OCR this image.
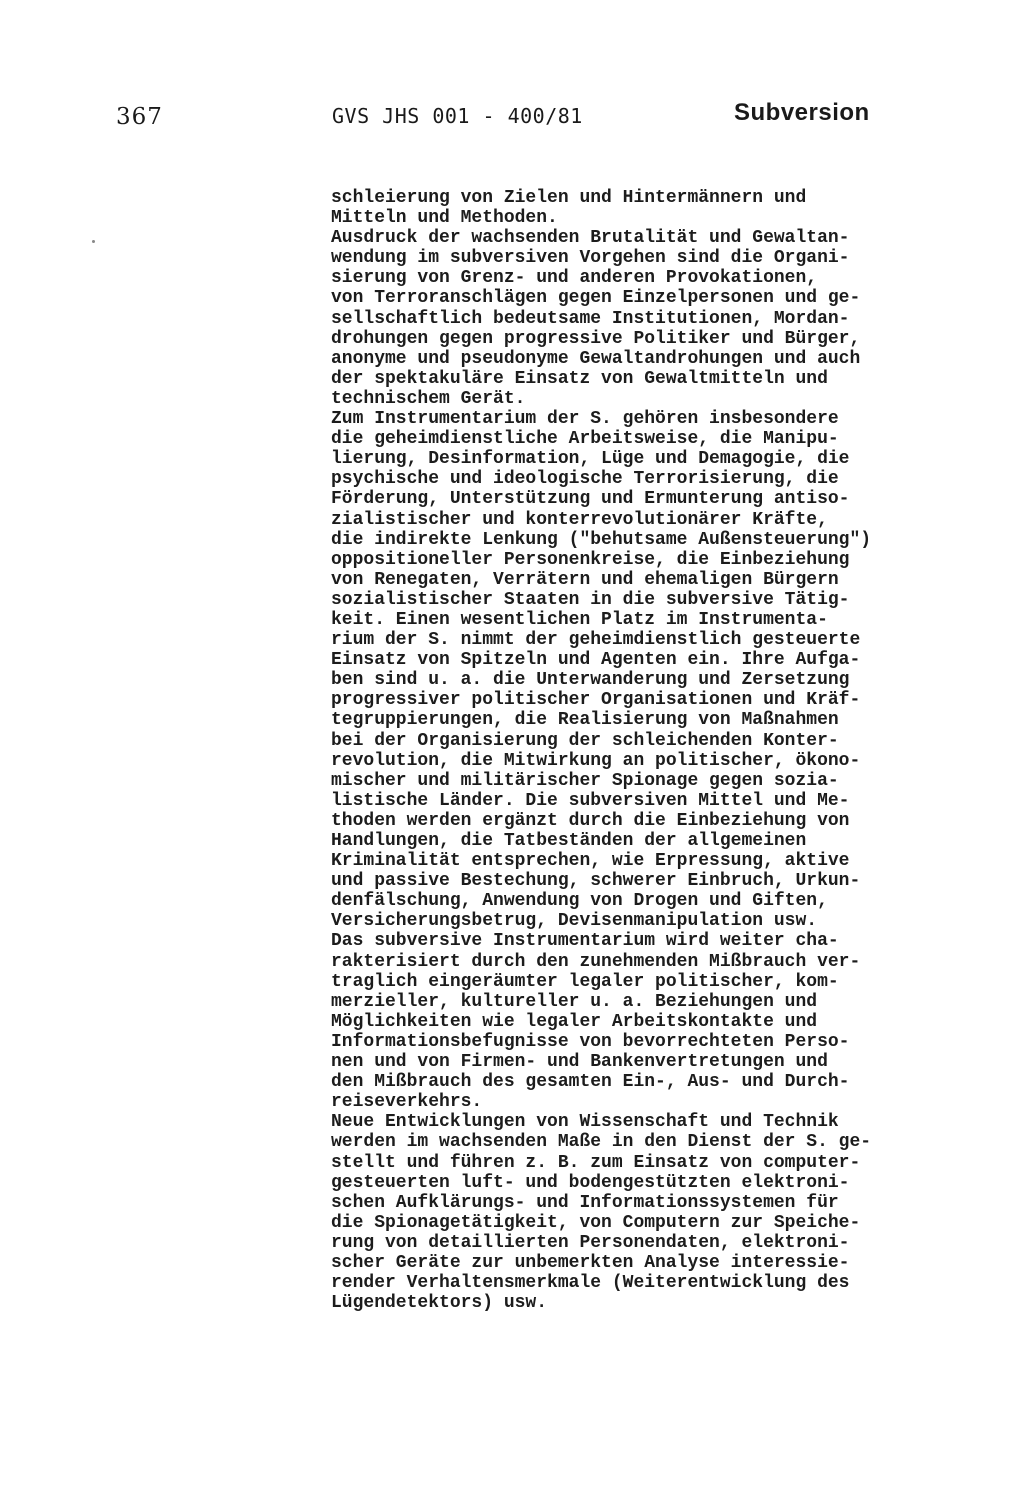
367	GVS JHS 001 - 400/81	Subversion
schleierung von Zielen und Hintermännern und
Mitteln und Methoden.
Ausdruck der wachsenden Brutalität und Gewaltan-
wendung im subversiven Vorgehen sind die Organi-
sierung von Grenz- und anderen Provokationen,
von Terroranschlägen gegen Einzelpersonen und ge-
sellschaftlich bedeutsame Institutionen, Mordan-
drohungen gegen progressive Politiker und Bürger,
anonyme und pseudonyme Gewaltandrohungen und auch
der spektakuläre Einsatz von Gewaltmitteln und
technischem Gerät.
Zum Instrumentarium der S. gehören insbesondere
die geheimdienstliche Arbeitsweise, die Manipu-
lierung, Desinformation, Lüge und Demagogie, die
psychische und ideologische Terrorisierung, die
Förderung, Unterstützung und Ermunterung antiso-
zialistischer und konterrevolutionärer Kräfte,
die indirekte Lenkung ("behutsame Außensteuerung")
oppositioneller Personenkreise, die Einbeziehung
von Renegaten, Verrätern und ehemaligen Bürgern
sozialistischer Staaten in die subversive Tätig-
keit. Einen wesentlichen Platz im Instrumenta-
rium der S. nimmt der geheimdienstlich gesteuerte
Einsatz von Spitzeln und Agenten ein. Ihre Aufga-
ben sind u. a. die Unterwanderung und Zersetzung
progressiver politischer Organisationen und Kräf-
tegruppierungen, die Realisierung von Maßnahmen
bei der Organisierung der schleichenden Konter-
revolution, die Mitwirkung an politischer, ökono-
mischer und militärischer Spionage gegen sozia-
listische Länder. Die subversiven Mittel und Me-
thoden werden ergänzt durch die Einbeziehung von
Handlungen, die Tatbeständen der allgemeinen
Kriminalität entsprechen, wie Erpressung, aktive
und passive Bestechung, schwerer Einbruch, Urkun-
denfälschung, Anwendung von Drogen und Giften,
Versicherungsbetrug, Devisenmanipulation usw.
Das subversive Instrumentarium wird weiter cha-
rakterisiert durch den zunehmenden Mißbrauch ver-
traglich eingeräumter legaler politischer, kom-
merzieller, kultureller u. a. Beziehungen und
Möglichkeiten wie legaler Arbeitskontakte und
Informationsbefugnisse von bevorrechteten Perso-
nen und von Firmen- und Bankenvertretungen und
den Mißbrauch des gesamten Ein-, Aus- und Durch-
reiseverkehrs.
Neue Entwicklungen von Wissenschaft und Technik
werden im wachsenden Maße in den Dienst der S. ge-
stellt und führen z. B. zum Einsatz von computer-
gesteuerten luft- und bodengestützten elektroni-
schen Aufklärungs- und Informationssystemen für
die Spionagetätigkeit, von Computern zur Speiche-
rung von detaillierten Personendaten, elektroni-
scher Geräte zur unbemerkten Analyse interessie-
render Verhaltensmerkmale (Weiterentwicklung des
Lügendetektors) usw.
